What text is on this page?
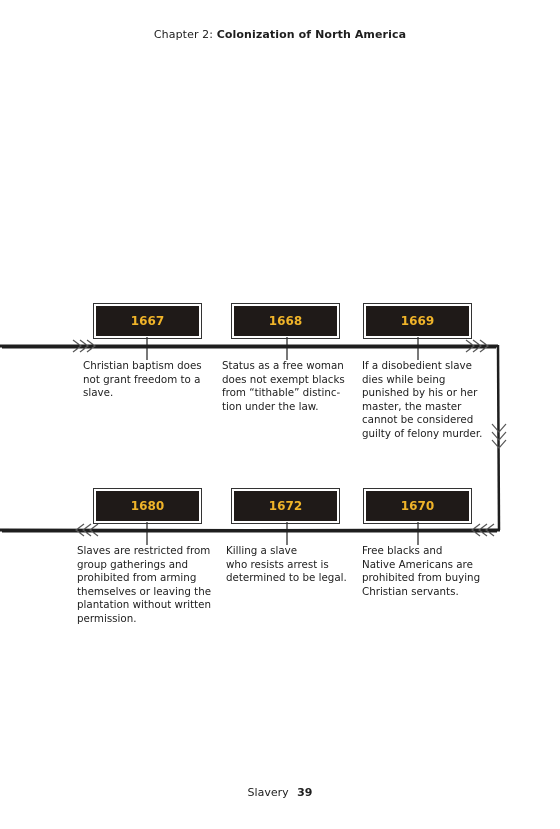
Chapter 2: Colonization of North America
1667	1668	1669
1680	1672	1670
Christian baptism does
not grant freedom to a
slave.
Status as a free woman
does not exempt blacks
from “tithable” distinc-
tion under the law.
If a disobedient slave
dies while being
punished by his or her
master, the master
cannot be considered
guilty of felony murder.
Slaves are restricted from
group gatherings and
prohibited from arming
themselves or leaving the
plantation without written
permission.
Killing a slave
who resists arrest is
determined to be legal.
Free blacks and
Native Americans are
prohibited from buying
Christian servants.
Slavery 39
